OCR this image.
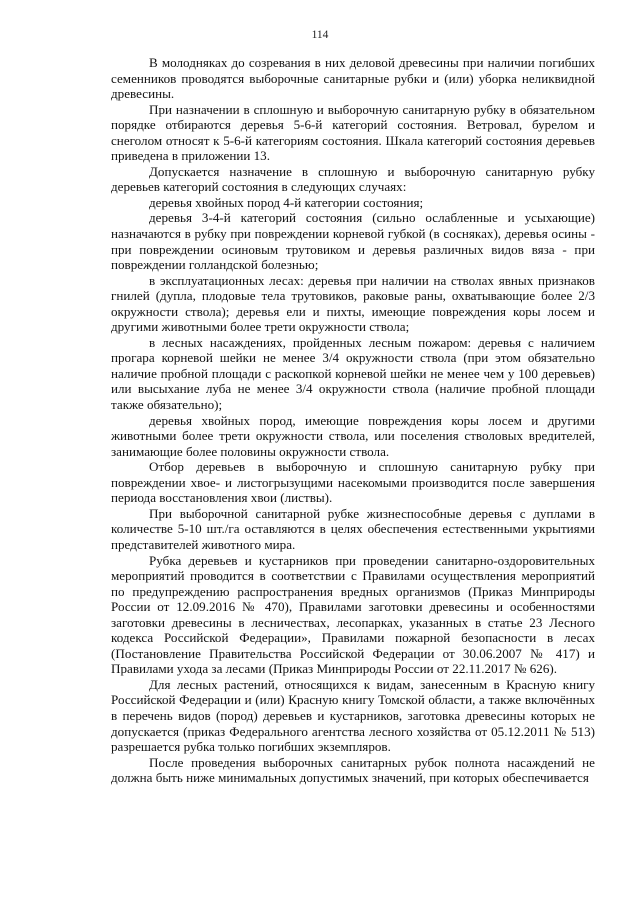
114

В молодняках до созревания в них деловой древесины при наличии погибших семенников проводятся выборочные санитарные рубки и (или) уборка неликвидной древесины.

При назначении в сплошную и выборочную санитарную рубку в обязательном порядке отбираются деревья 5-6-й категорий состояния. Ветровал, бурелом и снеголом относят к 5-6-й категориям состояния. Шкала категорий состояния деревьев приведена в приложении 13.

Допускается назначение в сплошную и выборочную санитарную рубку деревьев категорий состояния в следующих случаях:

деревья хвойных пород 4-й категории состояния;

деревья 3-4-й категорий состояния (сильно ослабленные и усыхающие) назначаются в рубку при повреждении корневой губкой (в сосняках), деревья осины - при повреждении осиновым трутовиком и деревья различных видов вяза - при повреждении голландской болезнью;

в эксплуатационных лесах: деревья при наличии на стволах явных признаков гнилей (дупла, плодовые тела трутовиков, раковые раны, охватывающие более 2/3 окружности ствола); деревья ели и пихты, имеющие повреждения коры лосем и другими животными более трети окружности ствола;

в лесных насаждениях, пройденных лесным пожаром: деревья с наличием прогара корневой шейки не менее 3/4 окружности ствола (при этом обязательно наличие пробной площади с раскопкой корневой шейки не менее чем у 100 деревьев) или высыхание луба не менее 3/4 окружности ствола (наличие пробной площади также обязательно);

деревья хвойных пород, имеющие повреждения коры лосем и другими животными более трети окружности ствола, или поселения стволовых вредителей, занимающие более половины окружности ствола.

Отбор деревьев в выборочную и сплошную санитарную рубку при повреждении хвое- и листогрызущими насекомыми производится после завершения периода восстановления хвои (листвы).

При выборочной санитарной рубке жизнеспособные деревья с дуплами в количестве 5-10 шт./га оставляются в целях обеспечения естественными укрытиями представителей животного мира.

Рубка деревьев и кустарников при проведении санитарно-оздоровительных мероприятий проводится в соответствии с Правилами осуществления мероприятий по предупреждению распространения вредных организмов (Приказ Минприроды России от 12.09.2016 № 470), Правилами заготовки древесины и особенностями заготовки древесины в лесничествах, лесопарках, указанных в статье 23 Лесного кодекса Российской Федерации», Правилами пожарной безопасности в лесах (Постановление Правительства Российской Федерации от 30.06.2007 № 417) и Правилами ухода за лесами (Приказ Минприроды России от 22.11.2017 № 626).

Для лесных растений, относящихся к видам, занесенным в Красную книгу Российской Федерации и (или) Красную книгу Томской области, а также включённых в перечень видов (пород) деревьев и кустарников, заготовка древесины которых не допускается (приказ Федерального агентства лесного хозяйства от 05.12.2011 № 513) разрешается рубка только погибших экземпляров.

После проведения выборочных санитарных рубок полнота насаждений не должна быть ниже минимальных допустимых значений, при которых обеспечивается
